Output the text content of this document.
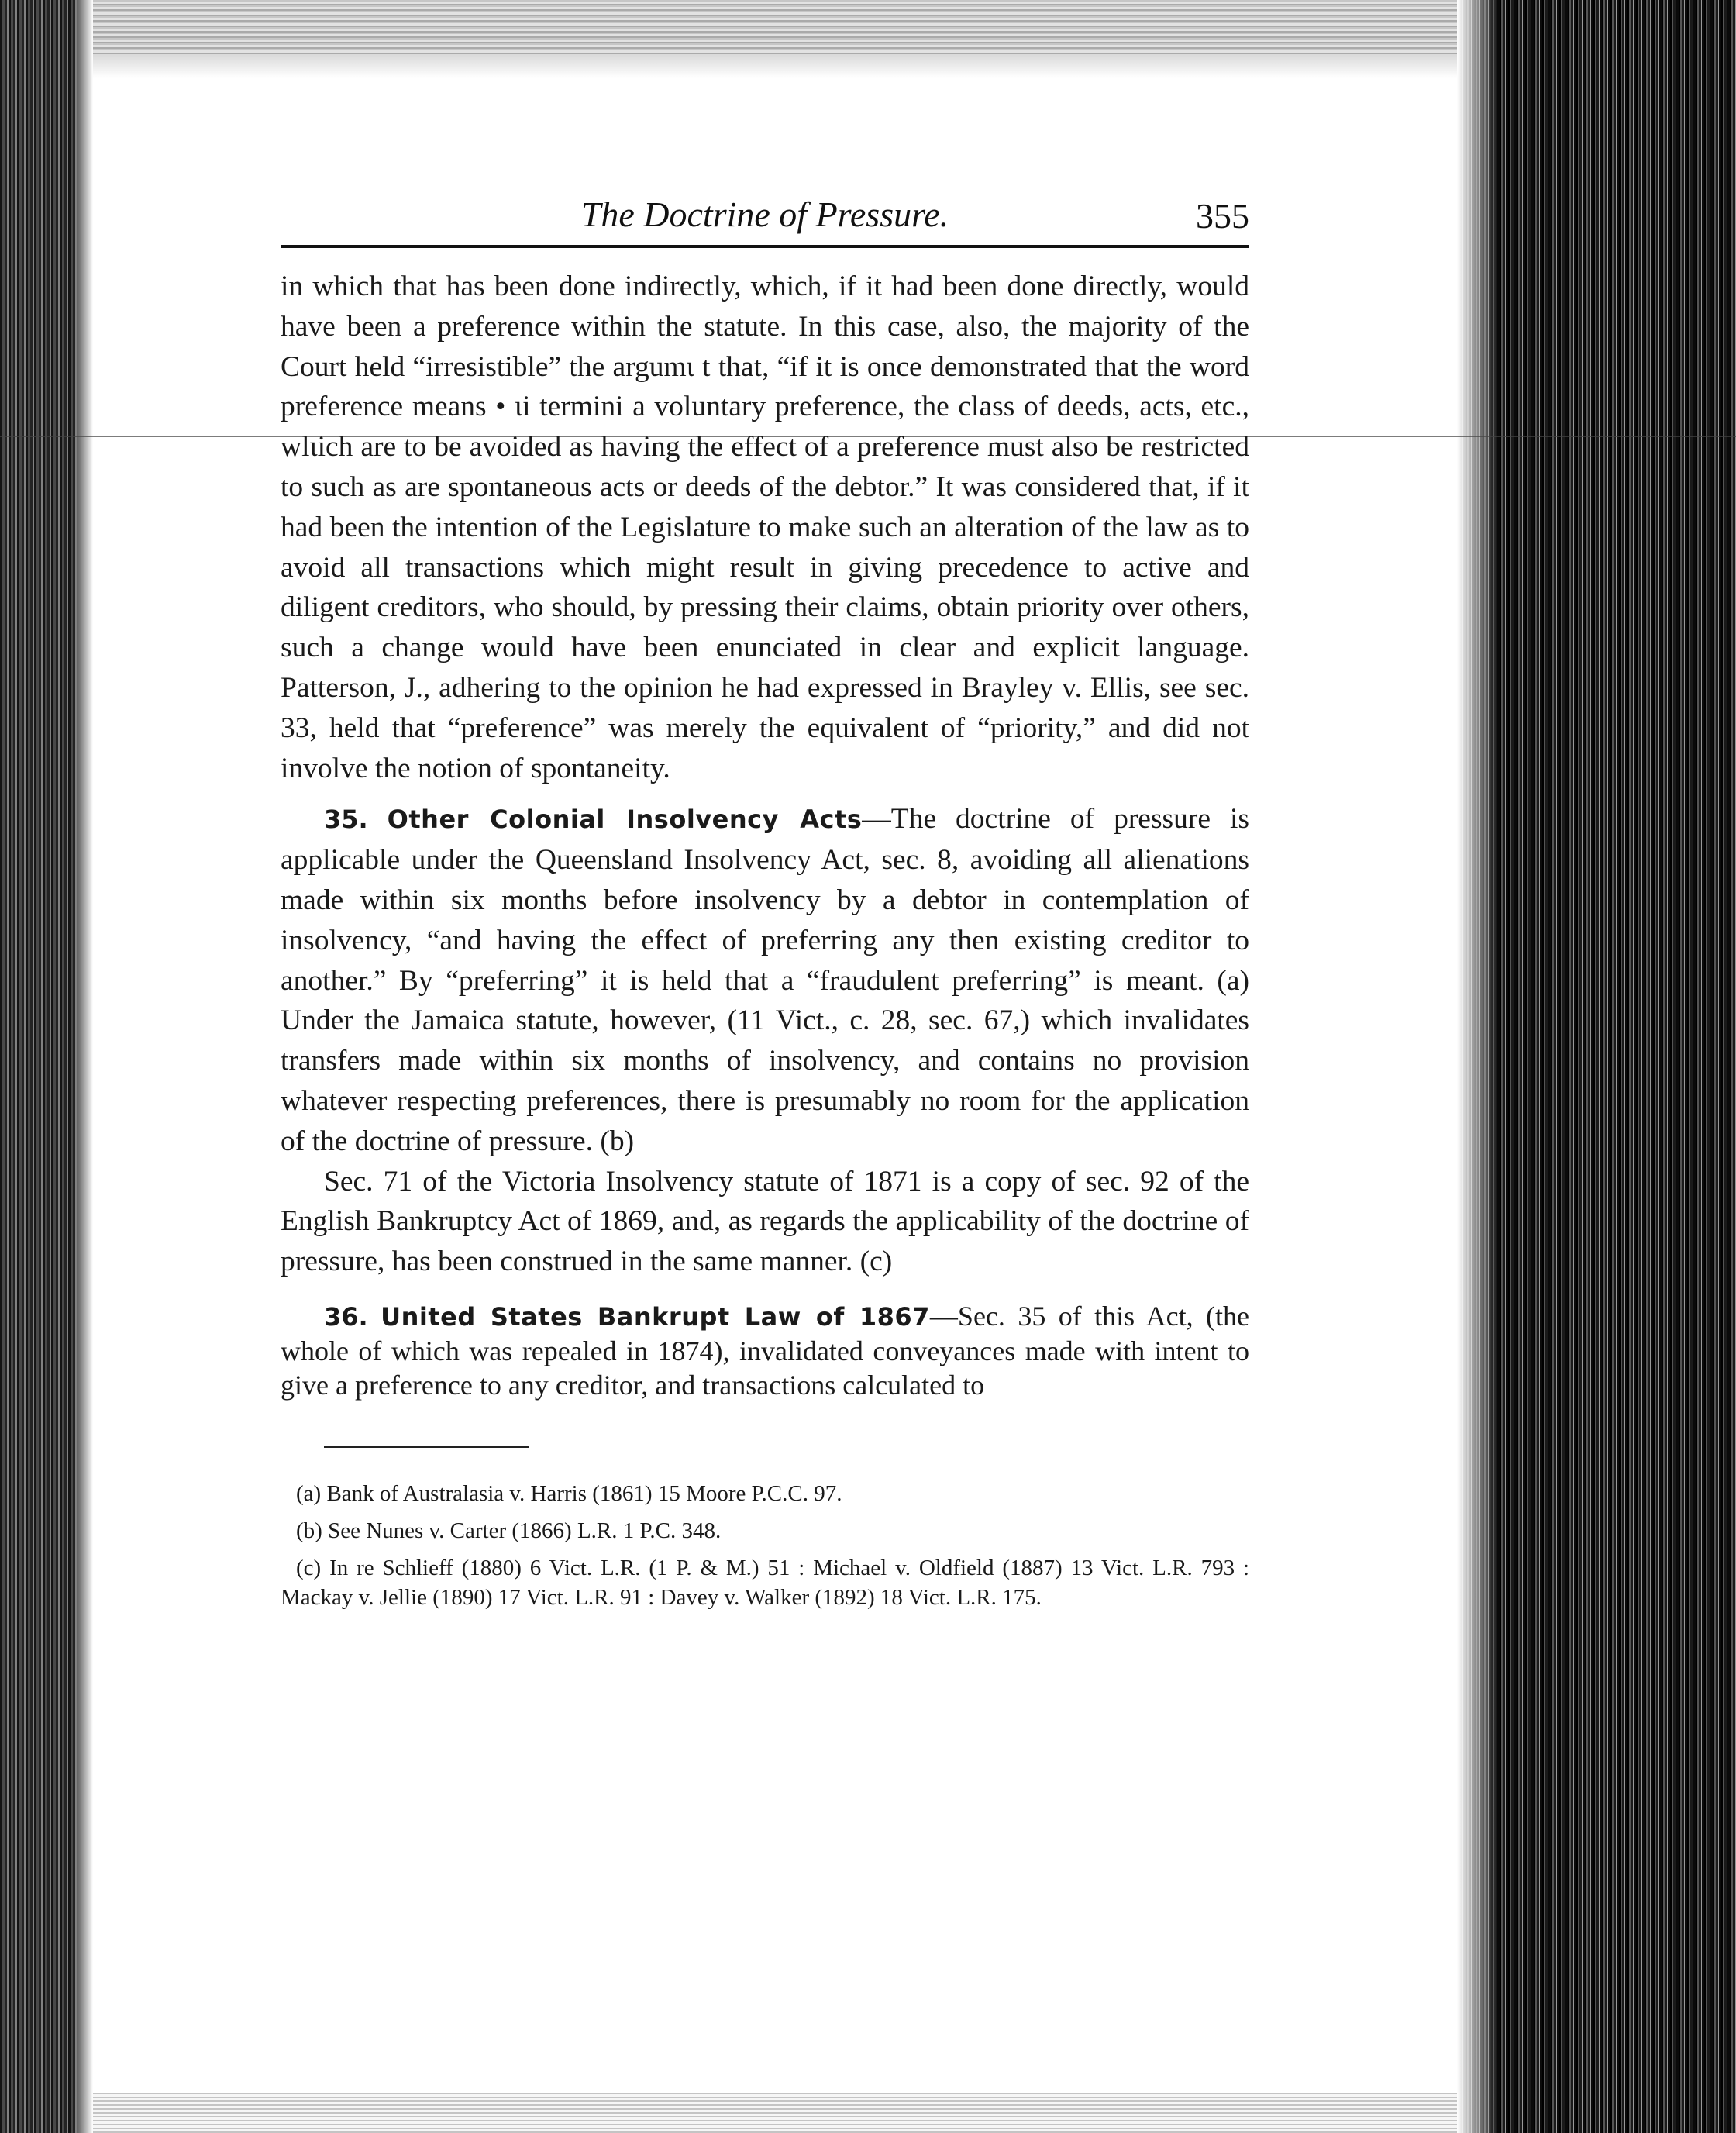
The Doctrine of Pressure.	355

in which that has been done indirectly, which, if it had been done directly, would have been a preference within the statute. In this case, also, the majority of the Court held “irresistible” the argumɩ t that, “if it is once demonstrated that the word preference means • ɩi termini a voluntary preference, the class of deeds, acts, etc., wlɩich are to be avoided as having the effect of a preference must also be restricted to such as are spontaneous acts or deeds of the debtor.” It was considered that, if it had been the intention of the Legislature to make such an alteration of the law as to avoid all transactions which might result in giving precedence to active and diligent creditors, who should, by pressing their claims, obtain priority over others, such a change would have been enunciated in clear and explicit language. Patterson, J., adhering to the opinion he had expressed in Brayley v. Ellis, see sec. 33, held that “preference” was merely the equivalent of “priority,” and did not involve the notion of spontaneity.

35. Other Colonial Insolvency Acts—The doctrine of pressure is applicable under the Queensland Insolvency Act, sec. 8, avoiding all alienations made within six months before insolvency by a debtor in contemplation of insolvency, “and having the effect of preferring any then existing creditor to another.” By “preferring” it is held that a “fraudulent preferring” is meant. (a) Under the Jamaica statute, however, (11 Vict., c. 28, sec. 67,) which invalidates transfers made within six months of insolvency, and contains no provision whatever respecting preferences, there is presumably no room for the application of the doctrine of pressure. (b)

Sec. 71 of the Victoria Insolvency statute of 1871 is a copy of sec. 92 of the English Bankruptcy Act of 1869, and, as regards the applicability of the doctrine of pressure, has been construed in the same manner. (c)

36. United States Bankrupt Law of 1867—Sec. 35 of this Act, (the whole of which was repealed in 1874), invalidated conveyances made with intent to give a preference to any creditor, and transactions calculated to

(a) Bank of Australasia v. Harris (1861) 15 Moore P.C.C. 97.

(b) See Nunes v. Carter (1866) L.R. 1 P.C. 348.

(c) In re Schlieff (1880) 6 Vict. L.R. (1 P. & M.) 51 : Michael v. Oldfield (1887) 13 Vict. L.R. 793 : Mackay v. Jellie (1890) 17 Vict. L.R. 91 : Davey v. Walker (1892) 18 Vict. L.R. 175.
